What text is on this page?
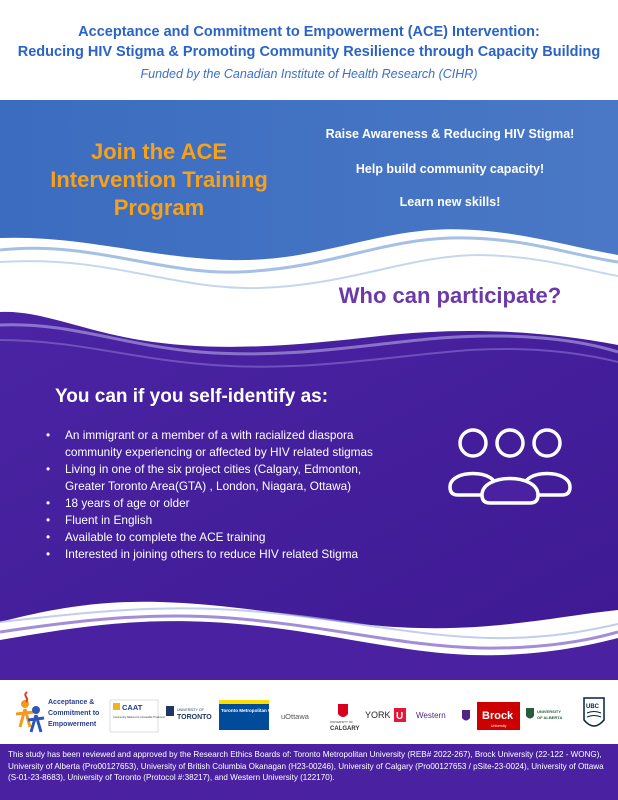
Acceptance and Commitment to Empowerment (ACE) Intervention:
Reducing HIV Stigma & Promoting Community Resilience through Capacity Building
Funded by the Canadian Institute of Health Research (CIHR)
Join the ACE Intervention Training Program
Raise Awareness & Reducing HIV Stigma!
Help build community capacity!
Learn new skills!
Who can participate?
You can if you self-identify as:
• An immigrant or a member of a with racialized diaspora community experiencing or affected by HIV related stigmas
• Living in one of the six project cities (Calgary, Edmonton, Greater Toronto Area(GTA) , London, Niagara, Ottawa)
• 18 years of age or older
• Fluent in English
• Available to complete the ACE training
• Interested in joining others to reduce HIV related Stigma
Acceptance &
Commitment to
Empowerment
CAAT
Community Alliance for Accessible Treatment
UNIVERSITY OF
TORONTO
Toronto Metropolitan University
uOttawa
UNIVERSITY OF
CALGARY
YORK U Western	Brock
University
UNIVERSITY
OF ALBERTA
UBC
This study has been reviewed and approved by the Research Ethics Boards of: Toronto Metropolitan University (REB# 2022-267), Brock University (22-122 - WONG), University of Alberta (Pro00127653), University of British Columbia Okanagan (H23-00246), University of Calgary (Pro00127653 / pSite-23-0024), University of Ottawa (S-01-23-8683), University of Toronto (Protocol #:38217), and Western University (122170).
